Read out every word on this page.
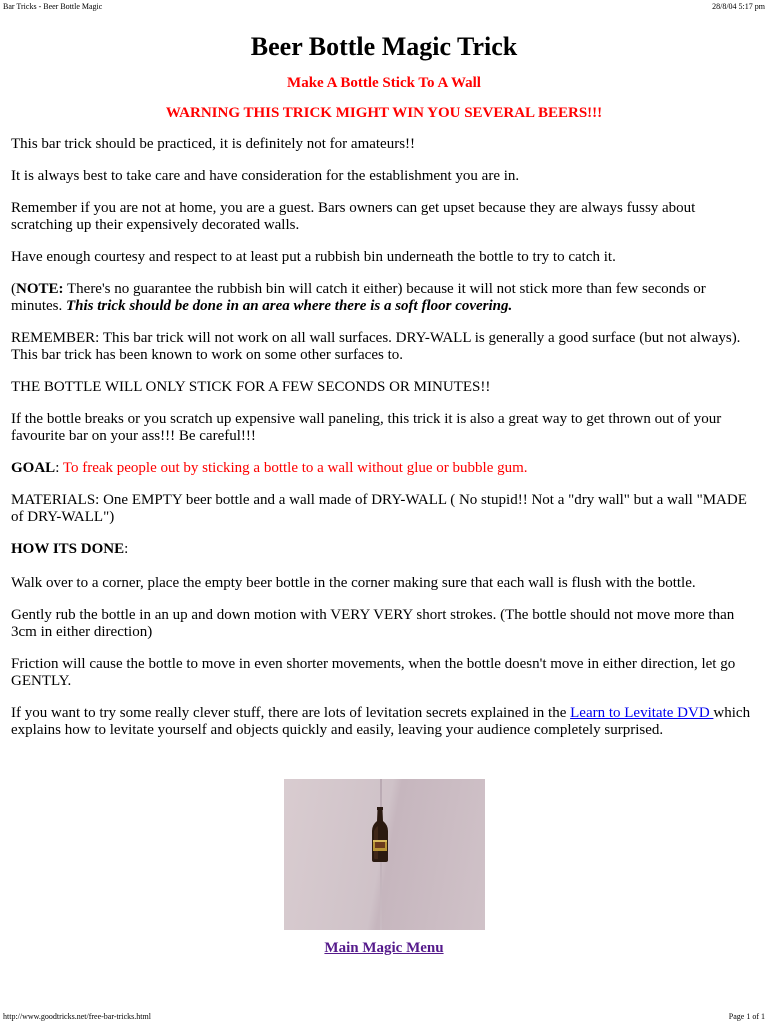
Bar Tricks - Beer Bottle Magic	28/8/04 5:17 pm
Beer Bottle Magic Trick
Make A Bottle Stick To A Wall
WARNING THIS TRICK MIGHT WIN YOU SEVERAL BEERS!!!

This bar trick should be practiced, it is definitely not for amateurs!!

It is always best to take care and have consideration for the establishment you are in.

Remember if you are not at home, you are a guest. Bars owners can get upset because they are always fussy about scratching up their expensively decorated walls.

Have enough courtesy and respect to at least put a rubbish bin underneath the bottle to try to catch it.

(NOTE: There's no guarantee the rubbish bin will catch it either) because it will not stick more than few seconds or minutes. This trick should be done in an area where there is a soft floor covering.

REMEMBER: This bar trick will not work on all wall surfaces. DRY-WALL is generally a good surface (but not always). This bar trick has been known to work on some other surfaces to.

THE BOTTLE WILL ONLY STICK FOR A FEW SECONDS OR MINUTES!!

If the bottle breaks or you scratch up expensive wall paneling, this trick it is also a great way to get thrown out of your favourite bar on your ass!!! Be careful!!!

GOAL: To freak people out by sticking a bottle to a wall without glue or bubble gum.

MATERIALS: One EMPTY beer bottle and a wall made of DRY-WALL ( No stupid!! Not a "dry wall" but a wall "MADE of DRY-WALL")

HOW ITS DONE:

Walk over to a corner, place the empty beer bottle in the corner making sure that each wall is flush with the bottle.

Gently rub the bottle in an up and down motion with VERY VERY short strokes. (The bottle should not move more than 3cm in either direction)

Friction will cause the bottle to move in even shorter movements, when the bottle doesn't move in either direction, let go GENTLY.

If you want to try some really clever stuff, there are lots of levitation secrets explained in the Learn to Levitate DVD which explains how to levitate yourself and objects quickly and easily, leaving your audience completely surprised.

Main Magic Menu
http://www.goodtricks.net/free-bar-tricks.html	Page 1 of 1
